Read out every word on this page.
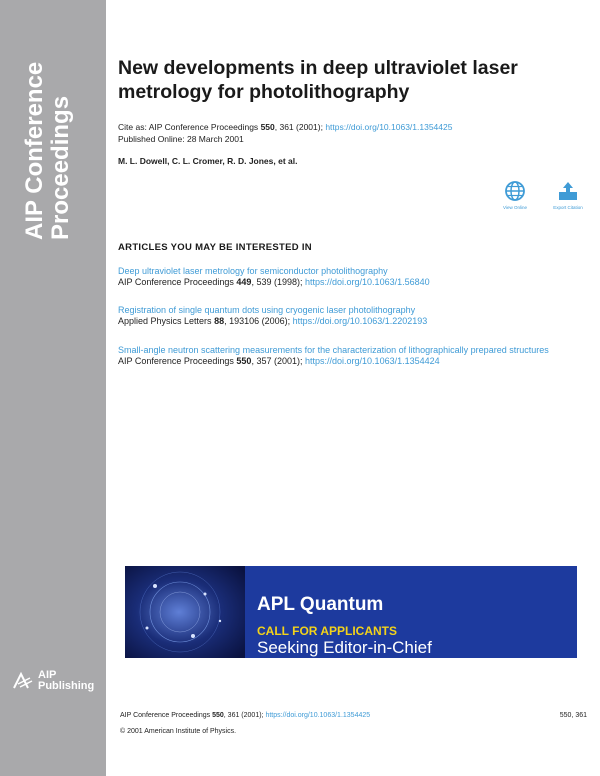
AIP Conference Proceedings
AIP
Publishing
New developments in deep ultraviolet laser metrology for photolithography
Cite as: AIP Conference Proceedings 550, 361 (2001); https://doi.org/10.1063/1.1354425
Published Online: 28 March 2001
M. L. Dowell, C. L. Cromer, R. D. Jones, et al.
View Online	Export Citation
ARTICLES YOU MAY BE INTERESTED IN
Deep ultraviolet laser metrology for semiconductor photolithography
AIP Conference Proceedings 449, 539 (1998); https://doi.org/10.1063/1.56840
Registration of single quantum dots using cryogenic laser photolithography
Applied Physics Letters 88, 193106 (2006); https://doi.org/10.1063/1.2202193
Small-angle neutron scattering measurements for the characterization of lithographically prepared structures
AIP Conference Proceedings 550, 357 (2001); https://doi.org/10.1063/1.1354424
APL Quantum
CALL FOR APPLICANTS
Seeking Editor-in-Chief
AIP Conference Proceedings 550, 361 (2001); https://doi.org/10.1063/1.1354425	550, 361
© 2001 American Institute of Physics.
